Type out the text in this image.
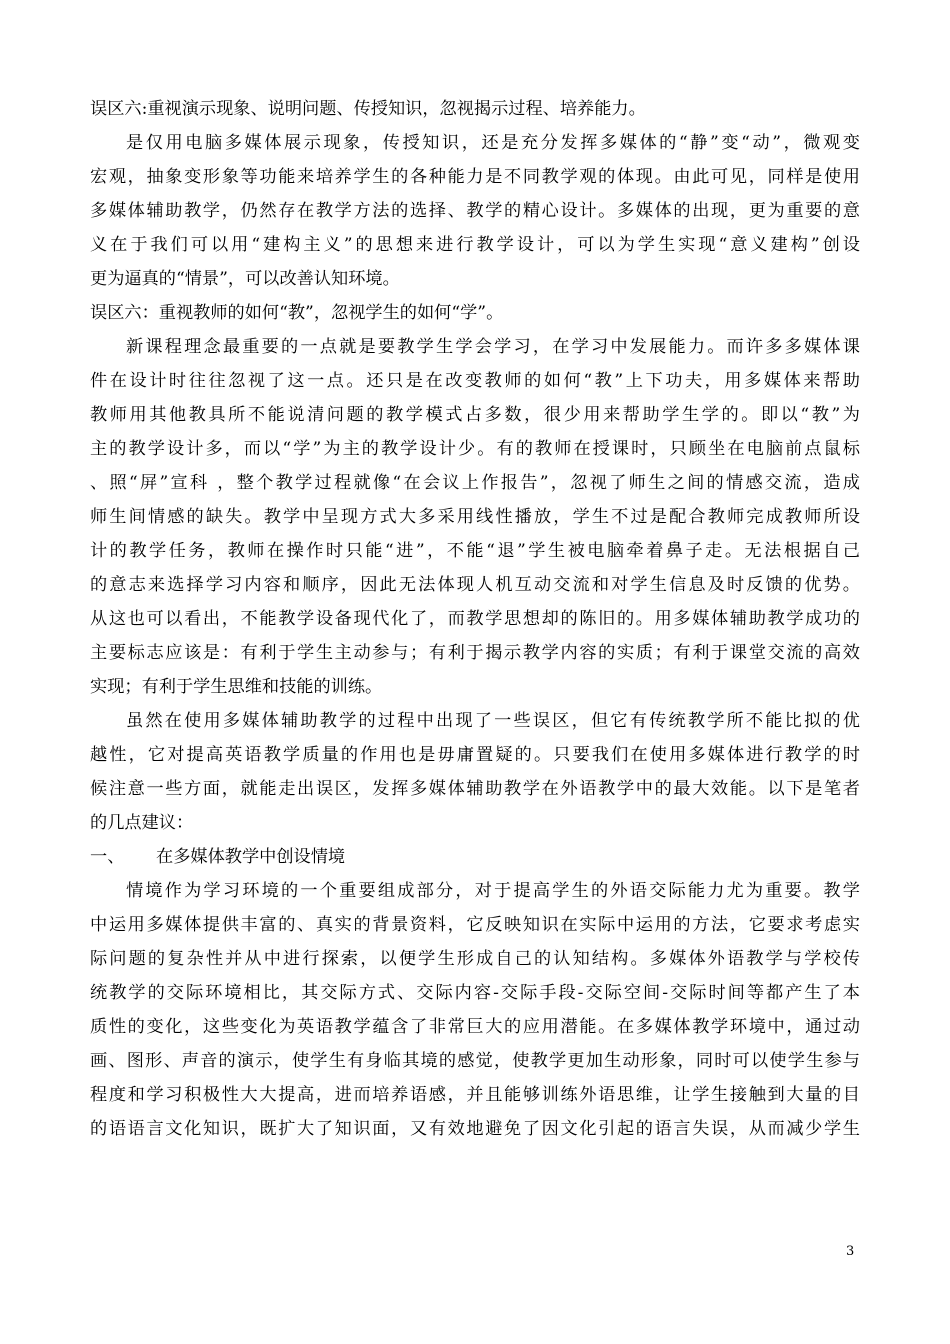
误区六:重视演示现象、说明问题、传授知识，忽视揭示过程、培养能力。
是仅用电脑多媒体展示现象，传授知识，还是充分发挥多媒体的“静”变“动”，微观变
宏观，抽象变形象等功能来培养学生的各种能力是不同教学观的体现。由此可见，同样是使用
多媒体辅助教学，仍然存在教学方法的选择、教学的精心设计。多媒体的出现，更为重要的意
义在于我们可以用“建构主义”的思想来进行教学设计，可以为学生实现“意义建构”创设
更为逼真的“情景”，可以改善认知环境。
误区六：重视教师的如何“教”，忽视学生的如何“学”。
新课程理念最重要的一点就是要教学生学会学习，在学习中发展能力。而许多多媒体课
件在设计时往往忽视了这一点。还只是在改变教师的如何“教”上下功夫，用多媒体来帮助
教师用其他教具所不能说清问题的教学模式占多数，很少用来帮助学生学的。即以“教”为
主的教学设计多，而以“学”为主的教学设计少。有的教师在授课时，只顾坐在电脑前点鼠标
、照“屏”宣科 ，整个教学过程就像“在会议上作报告”，忽视了师生之间的情感交流，造成
师生间情感的缺失。教学中呈现方式大多采用线性播放，学生不过是配合教师完成教师所设
计的教学任务，教师在操作时只能“进”，不能“退”学生被电脑牵着鼻子走。无法根据自己
的意志来选择学习内容和顺序，因此无法体现人机互动交流和对学生信息及时反馈的优势。
从这也可以看出，不能教学设备现代化了，而教学思想却的陈旧的。用多媒体辅助教学成功的
主要标志应该是：有利于学生主动参与；有利于揭示教学内容的实质；有利于课堂交流的高效
实现；有利于学生思维和技能的训练。
虽然在使用多媒体辅助教学的过程中出现了一些误区，但它有传统教学所不能比拟的优
越性，它对提高英语教学质量的作用也是毋庸置疑的。只要我们在使用多媒体进行教学的时
候注意一些方面，就能走出误区，发挥多媒体辅助教学在外语教学中的最大效能。以下是笔者
的几点建议：
一、 在多媒体教学中创设情境
情境作为学习环境的一个重要组成部分，对于提高学生的外语交际能力尤为重要。教学
中运用多媒体提供丰富的、真实的背景资料，它反映知识在实际中运用的方法，它要求考虑实
际问题的复杂性并从中进行探索，以便学生形成自己的认知结构。多媒体外语教学与学校传
统教学的交际环境相比，其交际方式、交际内容-交际手段-交际空间-交际时间等都产生了本
质性的变化，这些变化为英语教学蕴含了非常巨大的应用潜能。在多媒体教学环境中，通过动
画、图形、声音的演示，使学生有身临其境的感觉，使教学更加生动形象，同时可以使学生参与
程度和学习积极性大大提高，进而培养语感，并且能够训练外语思维，让学生接触到大量的目
的语语言文化知识，既扩大了知识面，又有效地避免了因文化引起的语言失误，从而减少学生
3
